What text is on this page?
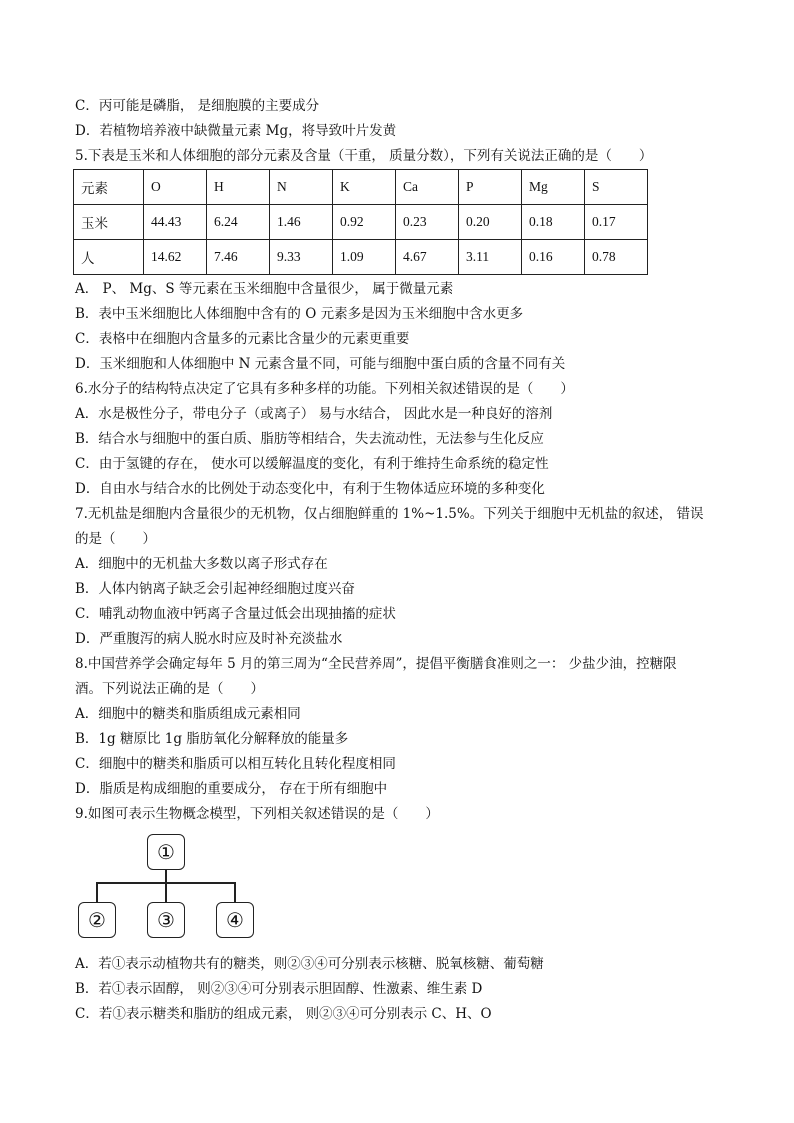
C．丙可能是磷脂， 是细胞膜的主要成分
D．若植物培养液中缺微量元素 Mg，将导致叶片发黄
5.下表是玉米和人体细胞的部分元素及含量（干重， 质量分数），下列有关说法正确的是（　　）
元素	O	H	N	K	Ca	P	Mg	S
玉米	44.43	6.24	1.46	0.92	0.23	0.20	0.18	0.17
人	14.62	7.46	9.33	1.09	4.67	3.11	0.16	0.78
A． P、 Mg、S 等元素在玉米细胞中含量很少， 属于微量元素
B．表中玉米细胞比人体细胞中含有的 O 元素多是因为玉米细胞中含水更多
C．表格中在细胞内含量多的元素比含量少的元素更重要
D．玉米细胞和人体细胞中 N 元素含量不同，可能与细胞中蛋白质的含量不同有关
6.水分子的结构特点决定了它具有多种多样的功能。下列相关叙述错误的是（　　）
A．水是极性分子，带电分子（或离子） 易与水结合， 因此水是一种良好的溶剂
B．结合水与细胞中的蛋白质、脂肪等相结合，失去流动性，无法参与生化反应
C．由于氢键的存在， 使水可以缓解温度的变化，有利于维持生命系统的稳定性
D．自由水与结合水的比例处于动态变化中，有利于生物体适应环境的多种变化
7.无机盐是细胞内含量很少的无机物，仅占细胞鲜重的 1%~1.5%。下列关于细胞中无机盐的叙述， 错误
的是（　　）
A．细胞中的无机盐大多数以离子形式存在
B．人体内钠离子缺乏会引起神经细胞过度兴奋
C．哺乳动物血液中钙离子含量过低会出现抽搐的症状
D．严重腹泻的病人脱水时应及时补充淡盐水
8.中国营养学会确定每年 5 月的第三周为“全民营养周”，提倡平衡膳食准则之一： 少盐少油，控糖限
酒。下列说法正确的是（　　）
A．细胞中的糖类和脂质组成元素相同
B．1g 糖原比 1g 脂肪氧化分解释放的能量多
C．细胞中的糖类和脂质可以相互转化且转化程度相同
D．脂质是构成细胞的重要成分， 存在于所有细胞中
9.如图可表示生物概念模型，下列相关叙述错误的是（　　）
①
②	③	④
A．若①表示动植物共有的糖类，则②③④可分别表示核糖、脱氧核糖、葡萄糖
B．若①表示固醇， 则②③④可分别表示胆固醇、性激素、维生素 D
C．若①表示糖类和脂肪的组成元素， 则②③④可分别表示 C、H、O
